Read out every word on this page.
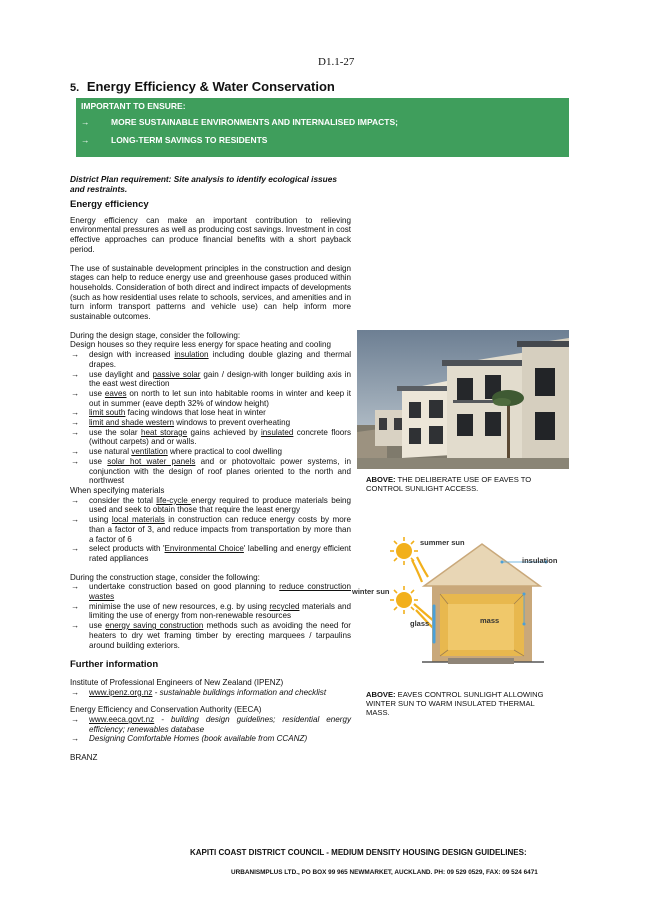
D1.1-27
5. Energy Efficiency & Water Conservation
IMPORTANT TO ENSURE:
→	MORE SUSTAINABLE ENVIRONMENTS AND INTERNALISED IMPACTS;
→	LONG-TERM SAVINGS TO RESIDENTS
District Plan requirement: Site analysis to identify ecological issues and restraints.
Energy efficiency

Energy efficiency can make an important contribution to relieving environmental pressures as well as producing cost savings. Investment in cost effective approaches can produce financial benefits with a short payback period.

The use of sustainable development principles in the construction and design stages can help to reduce energy use and greenhouse gases produced within households. Consideration of both direct and indirect impacts of developments (such as how residential uses relate to schools, services, and amenities and in turn inform transport patterns and vehicle use) can help inform more sustainable outcomes.

During the design stage, consider the following:

Design houses so they require less energy for space heating and cooling

→ design with increased insulation including double glazing and thermal drapes.
→ use daylight and passive solar gain / design-with longer building axis in the east west direction
→ use eaves on north to let sun into habitable rooms in winter and keep it out in summer (eave depth 32% of window height)
→ limit south facing windows that lose heat in winter
→ limit and shade western windows to prevent overheating
→ use the solar heat storage gains achieved by insulated concrete floors (without carpets) and or walls.
→ use natural ventilation where practical to cool dwelling
→ use solar hot water panels and or photovoltaic power systems, in conjunction with the design of roof planes oriented to the north and northwest

When specifying materials

→ consider the total life-cycle energy required to produce materials being used and seek to obtain those that require the least energy
→ using local materials in construction can reduce energy costs by more than a factor of 3, and reduce impacts from transportation by more than a factor of 6
→ select products with 'Environmental Choice' labelling and energy efficient rated appliances

During the construction stage, consider the following:

→ undertake construction based on good planning to reduce construction wastes
→ minimise the use of new resources, e.g. by using recycled materials and limiting the use of energy from non-renewable resources
→ use energy saving construction methods such as avoiding the need for heaters to dry wet framing timber by erecting marquees / tarpaulins around building exteriors.
Further information

Institute of Professional Engineers of New Zealand (IPENZ)

→ www.ipenz.org.nz - sustainable buildings information and checklist

Energy Efficiency and Conservation Authority (EECA)

→ www.eeca.govt.nz - building design guidelines; residential energy efficiency; renewables database
→ Designing Comfortable Homes (book available from CCANZ)

BRANZ

ABOVE: THE DELIBERATE USE OF EAVES TO CONTROL SUNLIGHT ACCESS.
summer sun
winter sun
insulation
glass	mass
ABOVE: EAVES CONTROL SUNLIGHT ALLOWING WINTER SUN TO WARM INSULATED THERMAL MASS.
KAPITI COAST DISTRICT COUNCIL - MEDIUM DENSITY HOUSING DESIGN GUIDELINES:
URBANISMPLUS LTD., PO BOX 99 965 NEWMARKET, AUCKLAND. PH: 09 529 0529, FAX: 09 524 6471
